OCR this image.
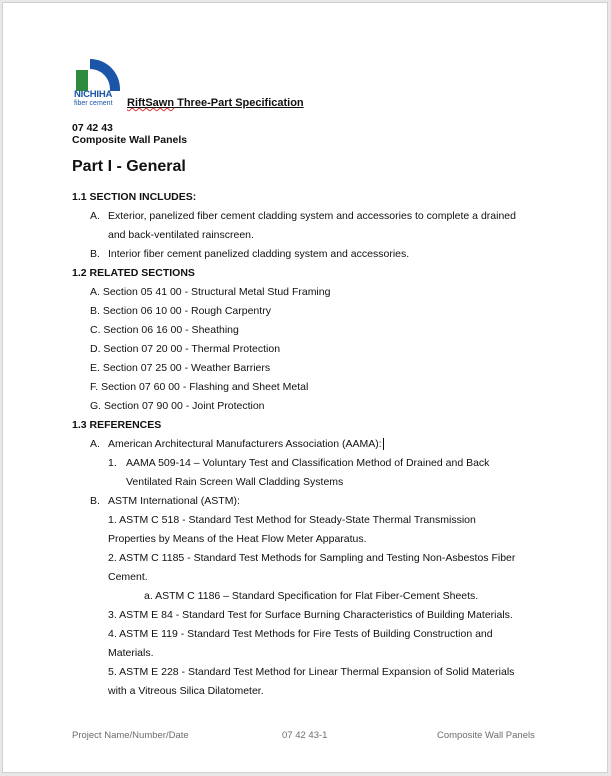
NICHIHA
fiber cement	RiftSawn Three-Part Specification
07 42 43
Composite Wall Panels
Part I - General
1.1 SECTION INCLUDES:
A. Exterior, panelized fiber cement cladding system and accessories to complete a drained
and back-ventilated rainscreen.
B. Interior fiber cement panelized cladding system and accessories.
1.2 RELATED SECTIONS
A. Section 05 41 00 - Structural Metal Stud Framing
B. Section 06 10 00 - Rough Carpentry
C. Section 06 16 00 - Sheathing
D. Section 07 20 00 - Thermal Protection
E. Section 07 25 00 - Weather Barriers
F. Section 07 60 00 - Flashing and Sheet Metal
G. Section 07 90 00 - Joint Protection
1.3 REFERENCES
A. American Architectural Manufacturers Association (AAMA):
1. AAMA 509-14 – Voluntary Test and Classification Method of Drained and Back
Ventilated Rain Screen Wall Cladding Systems
B. ASTM International (ASTM):
1. ASTM C 518 - Standard Test Method for Steady-State Thermal Transmission
Properties by Means of the Heat Flow Meter Apparatus.
2. ASTM C 1185 - Standard Test Methods for Sampling and Testing Non-Asbestos Fiber
Cement.
a. ASTM C 1186 – Standard Specification for Flat Fiber-Cement Sheets.
3. ASTM E 84 - Standard Test for Surface Burning Characteristics of Building Materials.
4. ASTM E 119 - Standard Test Methods for Fire Tests of Building Construction and
Materials.
5. ASTM E 228 - Standard Test Method for Linear Thermal Expansion of Solid Materials
with a Vitreous Silica Dilatometer.
Project Name/Number/Date	07 42 43-1	Composite Wall Panels
